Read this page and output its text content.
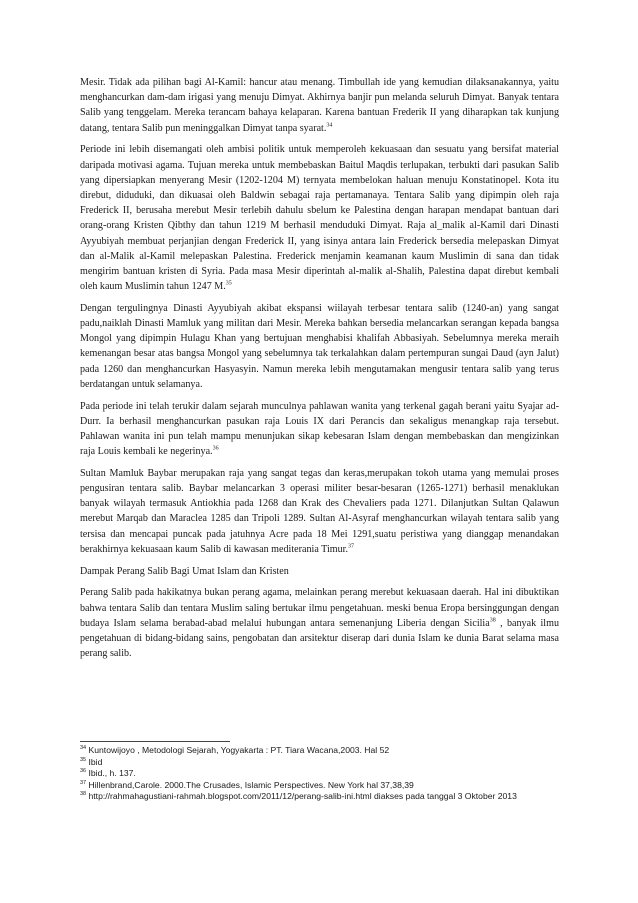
Mesir. Tidak ada pilihan bagi Al-Kamil: hancur atau menang. Timbullah ide yang kemudian dilaksanakannya, yaitu menghancurkan dam-dam irigasi yang menuju Dimyat. Akhirnya banjir pun melanda seluruh Dimyat. Banyak tentara Salib yang tenggelam. Mereka terancam bahaya kelaparan. Karena bantuan Frederik II yang diharapkan tak kunjung datang, tentara Salib pun meninggalkan Dimyat tanpa syarat.$^{34}$

Periode ini lebih disemangati oleh ambisi politik untuk memperoleh kekuasaan dan sesuatu yang bersifat material daripada motivasi agama. Tujuan mereka untuk membebaskan Baitul Maqdis terlupakan, terbukti dari pasukan Salib yang dipersiapkan menyerang Mesir (1202-1204 M) ternyata membelokan haluan menuju Konstatinopel. Kota itu direbut, diduduki, dan dikuasai oleh Baldwin sebagai raja pertamanaya. Tentara Salib yang dipimpin oleh raja Frederick II, berusaha merebut Mesir terlebih dahulu sbelum ke Palestina dengan harapan mendapat bantuan dari orang-orang Kristen Qibthy dan tahun 1219 M berhasil menduduki Dimyat. Raja al_malik al-Kamil dari Dinasti Ayyubiyah membuat perjanjian dengan Frederick II, yang isinya antara lain Frederick bersedia melepaskan Dimyat dan al-Malik al-Kamil melepaskan Palestina. Frederick menjamin keamanan kaum Muslimin di sana dan tidak mengirim bantuan kristen di Syria. Pada masa Mesir diperintah al-malik al-Shalih, Palestina dapat direbut kembali oleh kaum Muslimin tahun 1247 M.$^{35}$

Dengan tergulingnya Dinasti Ayyubiyah akibat ekspansi wiilayah terbesar tentara salib (1240-an) yang sangat padu,naiklah Dinasti Mamluk yang militan dari Mesir. Mereka bahkan bersedia melancarkan serangan kepada bangsa Mongol yang dipimpin Hulagu Khan yang bertujuan menghabisi khalifah Abbasiyah. Sebelumnya mereka meraih kemenangan besar atas bangsa Mongol yang sebelumnya tak terkalahkan dalam pertempuran sungai Daud (ayn Jalut) pada 1260 dan menghancurkan Hasyasyin. Namun mereka lebih mengutamakan mengusir tentara salib yang terus berdatangan untuk selamanya.

Pada periode ini telah terukir dalam sejarah munculnya pahlawan wanita yang terkenal gagah berani yaitu Syajar ad-Durr. Ia berhasil menghancurkan pasukan raja Louis IX dari Perancis dan sekaligus menangkap raja tersebut. Pahlawan wanita ini pun telah mampu menunjukan sikap kebesaran Islam dengan membebaskan dan mengizinkan raja Louis kembali ke negerinya.$^{36}$

Sultan Mamluk Baybar merupakan raja yang sangat tegas dan keras,merupakan tokoh utama yang memulai proses pengusiran tentara salib. Baybar melancarkan 3 operasi militer besar-besaran (1265-1271) berhasil menaklukan banyak wilayah termasuk Antiokhia pada 1268 dan Krak des Chevaliers pada 1271. Dilanjutkan Sultan Qalawun merebut Marqab dan Maraclea 1285 dan Tripoli 1289. Sultan Al-Asyraf menghancurkan wilayah tentara salib yang tersisa dan mencapai puncak pada jatuhnya Acre pada 18 Mei 1291,suatu peristiwa yang dianggap menandakan berakhirnya kekuasaan kaum Salib di kawasan mediterania Timur.$^{37}$

Dampak Perang Salib Bagi Umat Islam dan Kristen

Perang Salib pada hakikatnya bukan perang agama, melainkan perang merebut kekuasaan daerah. Hal ini dibuktikan bahwa tentara Salib dan tentara Muslim saling bertukar ilmu pengetahuan. meski benua Eropa bersinggungan dengan budaya Islam selama berabad-abad melalui hubungan antara semenanjung Liberia dengan Sicilia$^{38}$ , banyak ilmu pengetahuan di bidang-bidang sains, pengobatan dan arsitektur diserap dari dunia Islam ke dunia Barat selama masa perang salib.

$^{34}$ Kuntowijoyo , Metodologi Sejarah, Yogyakarta : PT. Tiara Wacana,2003. Hal 52

$^{35}$ Ibid

$^{36}$ Ibid., h. 137.

$^{37}$ Hillenbrand,Carole. 2000.The Crusades, Islamic Perspectives. New York hal 37,38,39

$^{38}$ http://rahmahagustiani-rahmah.blogspot.com/2011/12/perang-salib-ini.html diakses pada tanggal 3 Oktober 2013
